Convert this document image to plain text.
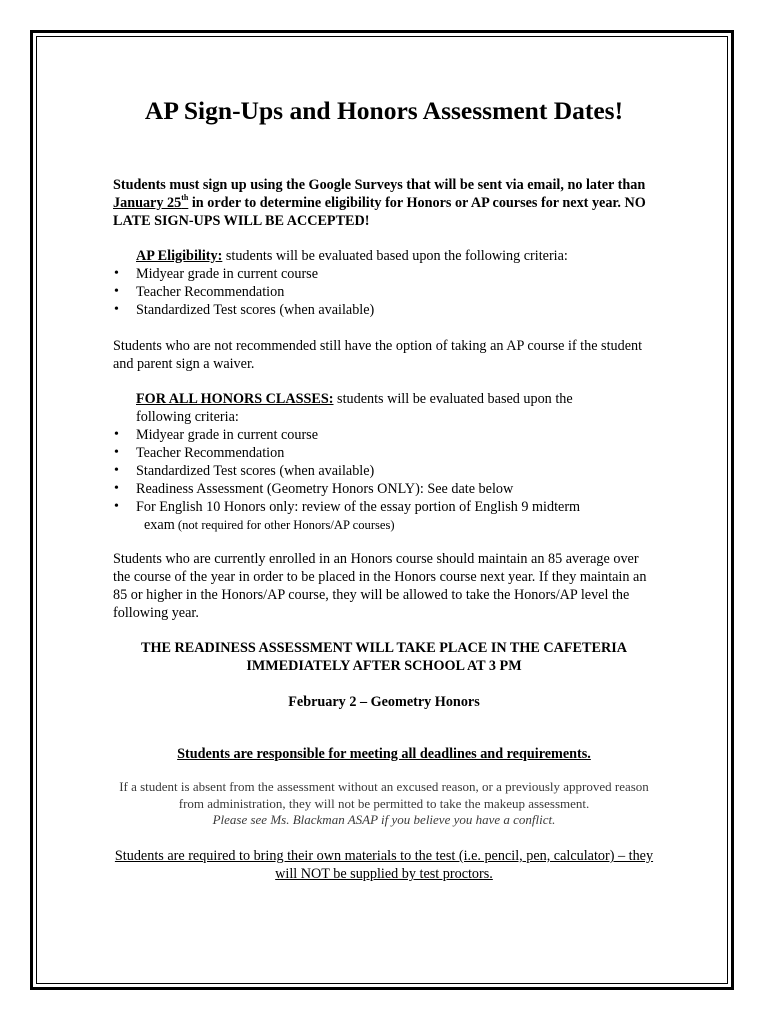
AP Sign-Ups and Honors Assessment Dates!

Students must sign up using the Google Surveys that will be sent via email, no later than January 25th in order to determine eligibility for Honors or AP courses for next year. NO LATE SIGN-UPS WILL BE ACCEPTED!

AP Eligibility: students will be evaluated based upon the following criteria:

•	Midyear grade in current course
•	Teacher Recommendation
•	Standardized Test scores (when available)

Students who are not recommended still have the option of taking an AP course if the student and parent sign a waiver.

FOR ALL HONORS CLASSES: students will be evaluated based upon the following criteria:

•	Midyear grade in current course
•	Teacher Recommendation
•	Standardized Test scores (when available)
•	Readiness Assessment (Geometry Honors ONLY): See date below
•	For English 10 Honors only: review of the essay portion of English 9 midterm
exam (not required for other Honors/AP courses)

Students who are currently enrolled in an Honors course should maintain an 85 average over the course of the year in order to be placed in the Honors course next year. If they maintain an 85 or higher in the Honors/AP course, they will be allowed to take the Honors/AP level the following year.

THE READINESS ASSESSMENT WILL TAKE PLACE IN THE CAFETERIA

IMMEDIATELY AFTER SCHOOL AT 3 PM

February 2 – Geometry Honors

Students are responsible for meeting all deadlines and requirements.

If a student is absent from the assessment without an excused reason, or a previously approved reason from administration, they will not be permitted to take the makeup assessment.
Please see Ms. Blackman ASAP if you believe you have a conflict.

Students are required to bring their own materials to the test (i.e. pencil, pen, calculator) – they will NOT be supplied by test proctors.
